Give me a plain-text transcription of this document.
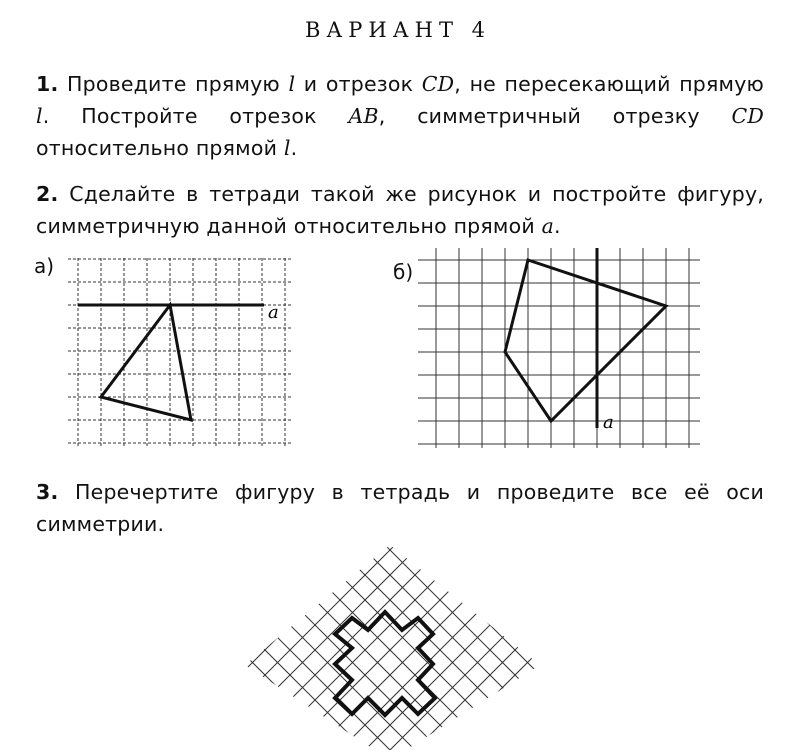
ВАРИАНТ 4
1. Проведите прямую l и отрезок CD, не пересекающий прямую l. Постройте отрезок AB, симметричный отрезку CD относительно прямой l.
2. Сделайте в тетради такой же рисунок и постройте фигуру, симметричную данной относительно прямой a.
а)	б)
a
a
3. Перечертите фигуру в тетрадь и проведите все её оси симметрии.
